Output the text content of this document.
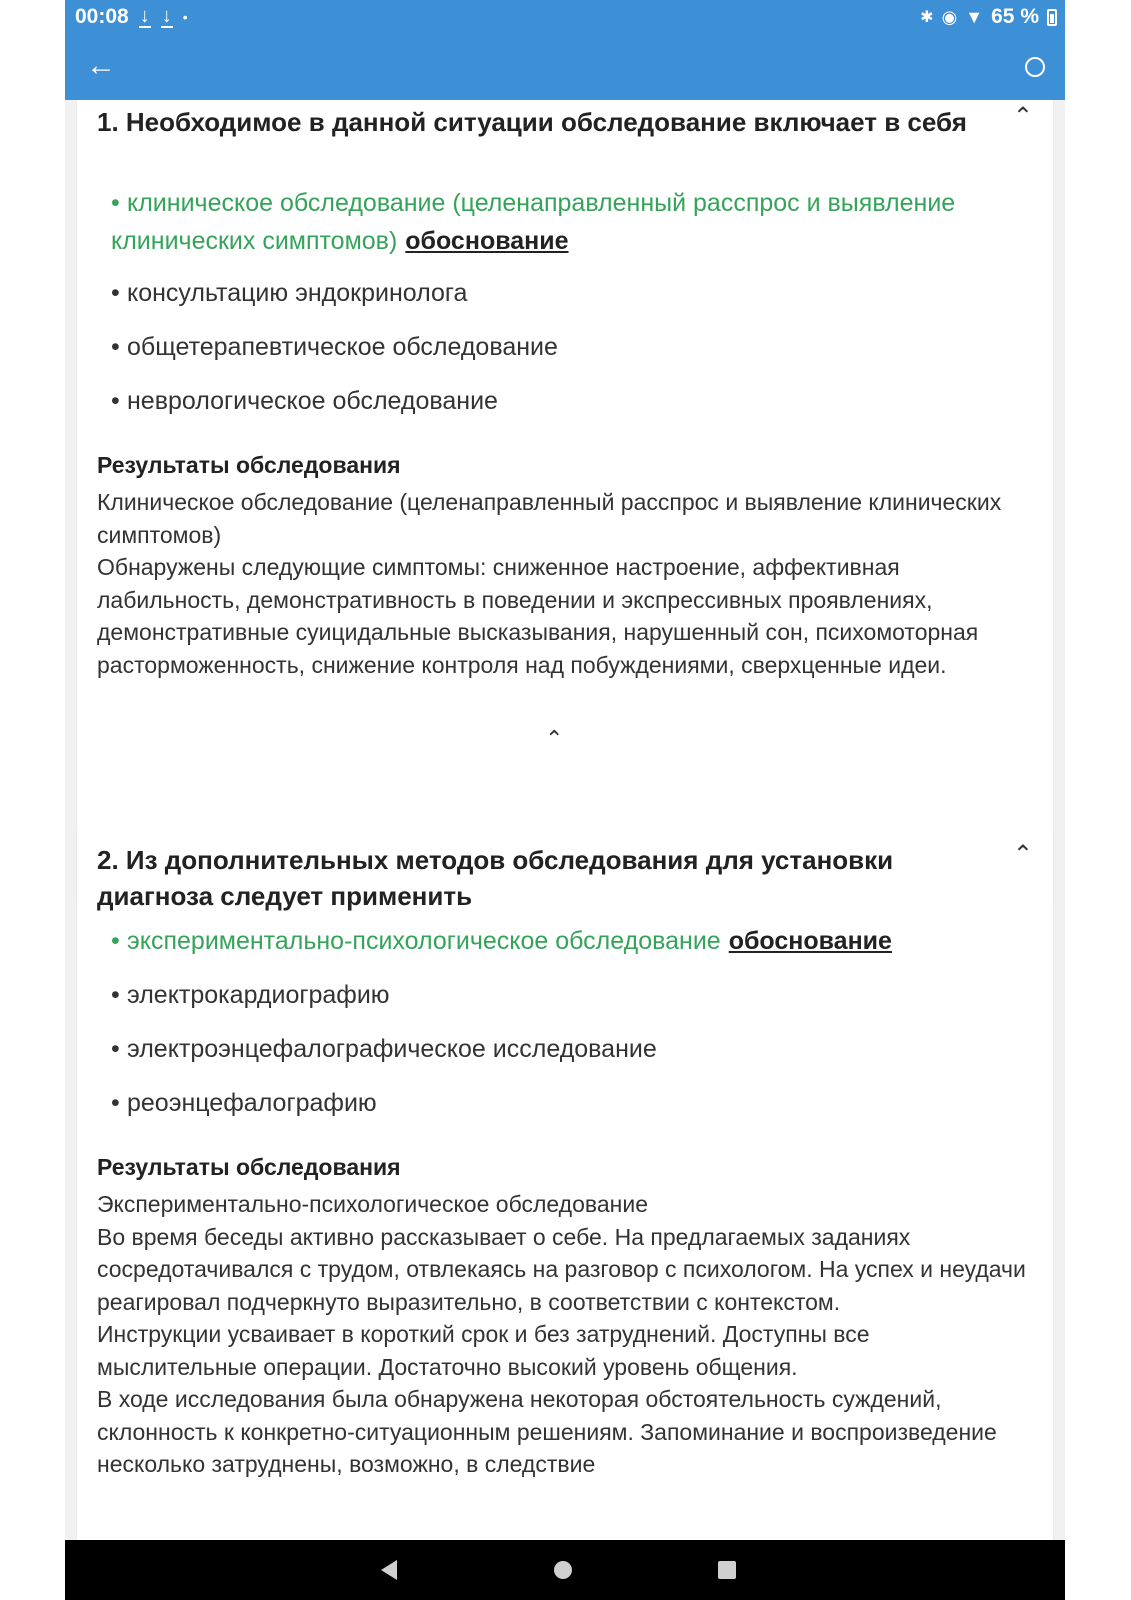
00:08 ↓ ↓ •	✱ ◉ ▼ 65 %
←
1. Необходимое в данной ситуации обследование включает в себя	⌃
• клиническое обследование (целенаправленный расспрос и выявление клинических симптомов) обоснование
• консультацию эндокринолога
• общетерапевтическое обследование
• неврологическое обследование
Результаты обследования
Клиническое обследование (целенаправленный расспрос и выявление клинических симптомов)
Обнаружены следующие симптомы: сниженное настроение, аффективная лабильность, демонстративность в поведении и экспрессивных проявлениях, демонстративные суицидальные высказывания, нарушенный сон, психомоторная расторможенность, снижение контроля над побуждениями, сверхценные идеи.
⌃
2. Из дополнительных методов обследования для установки диагноза следует применить
⌃
• экспериментально-психологическое обследование обоснование
• электрокардиографию
• электроэнцефалографическое исследование
• реоэнцефалографию
Результаты обследования
Экспериментально-психологическое обследование
Во время беседы активно рассказывает о себе. На предлагаемых заданиях сосредотачивался с трудом, отвлекаясь на разговор с психологом. На успех и неудачи реагировал подчеркнуто выразительно, в соответствии с контекстом.
Инструкции усваивает в короткий срок и без затруднений. Доступны все мыслительные операции. Достаточно высокий уровень общения.
В ходе исследования была обнаружена некоторая обстоятельность суждений, склонность к конкретно-ситуационным решениям. Запоминание и воспроизведение несколько затруднены, возможно, в следствие
